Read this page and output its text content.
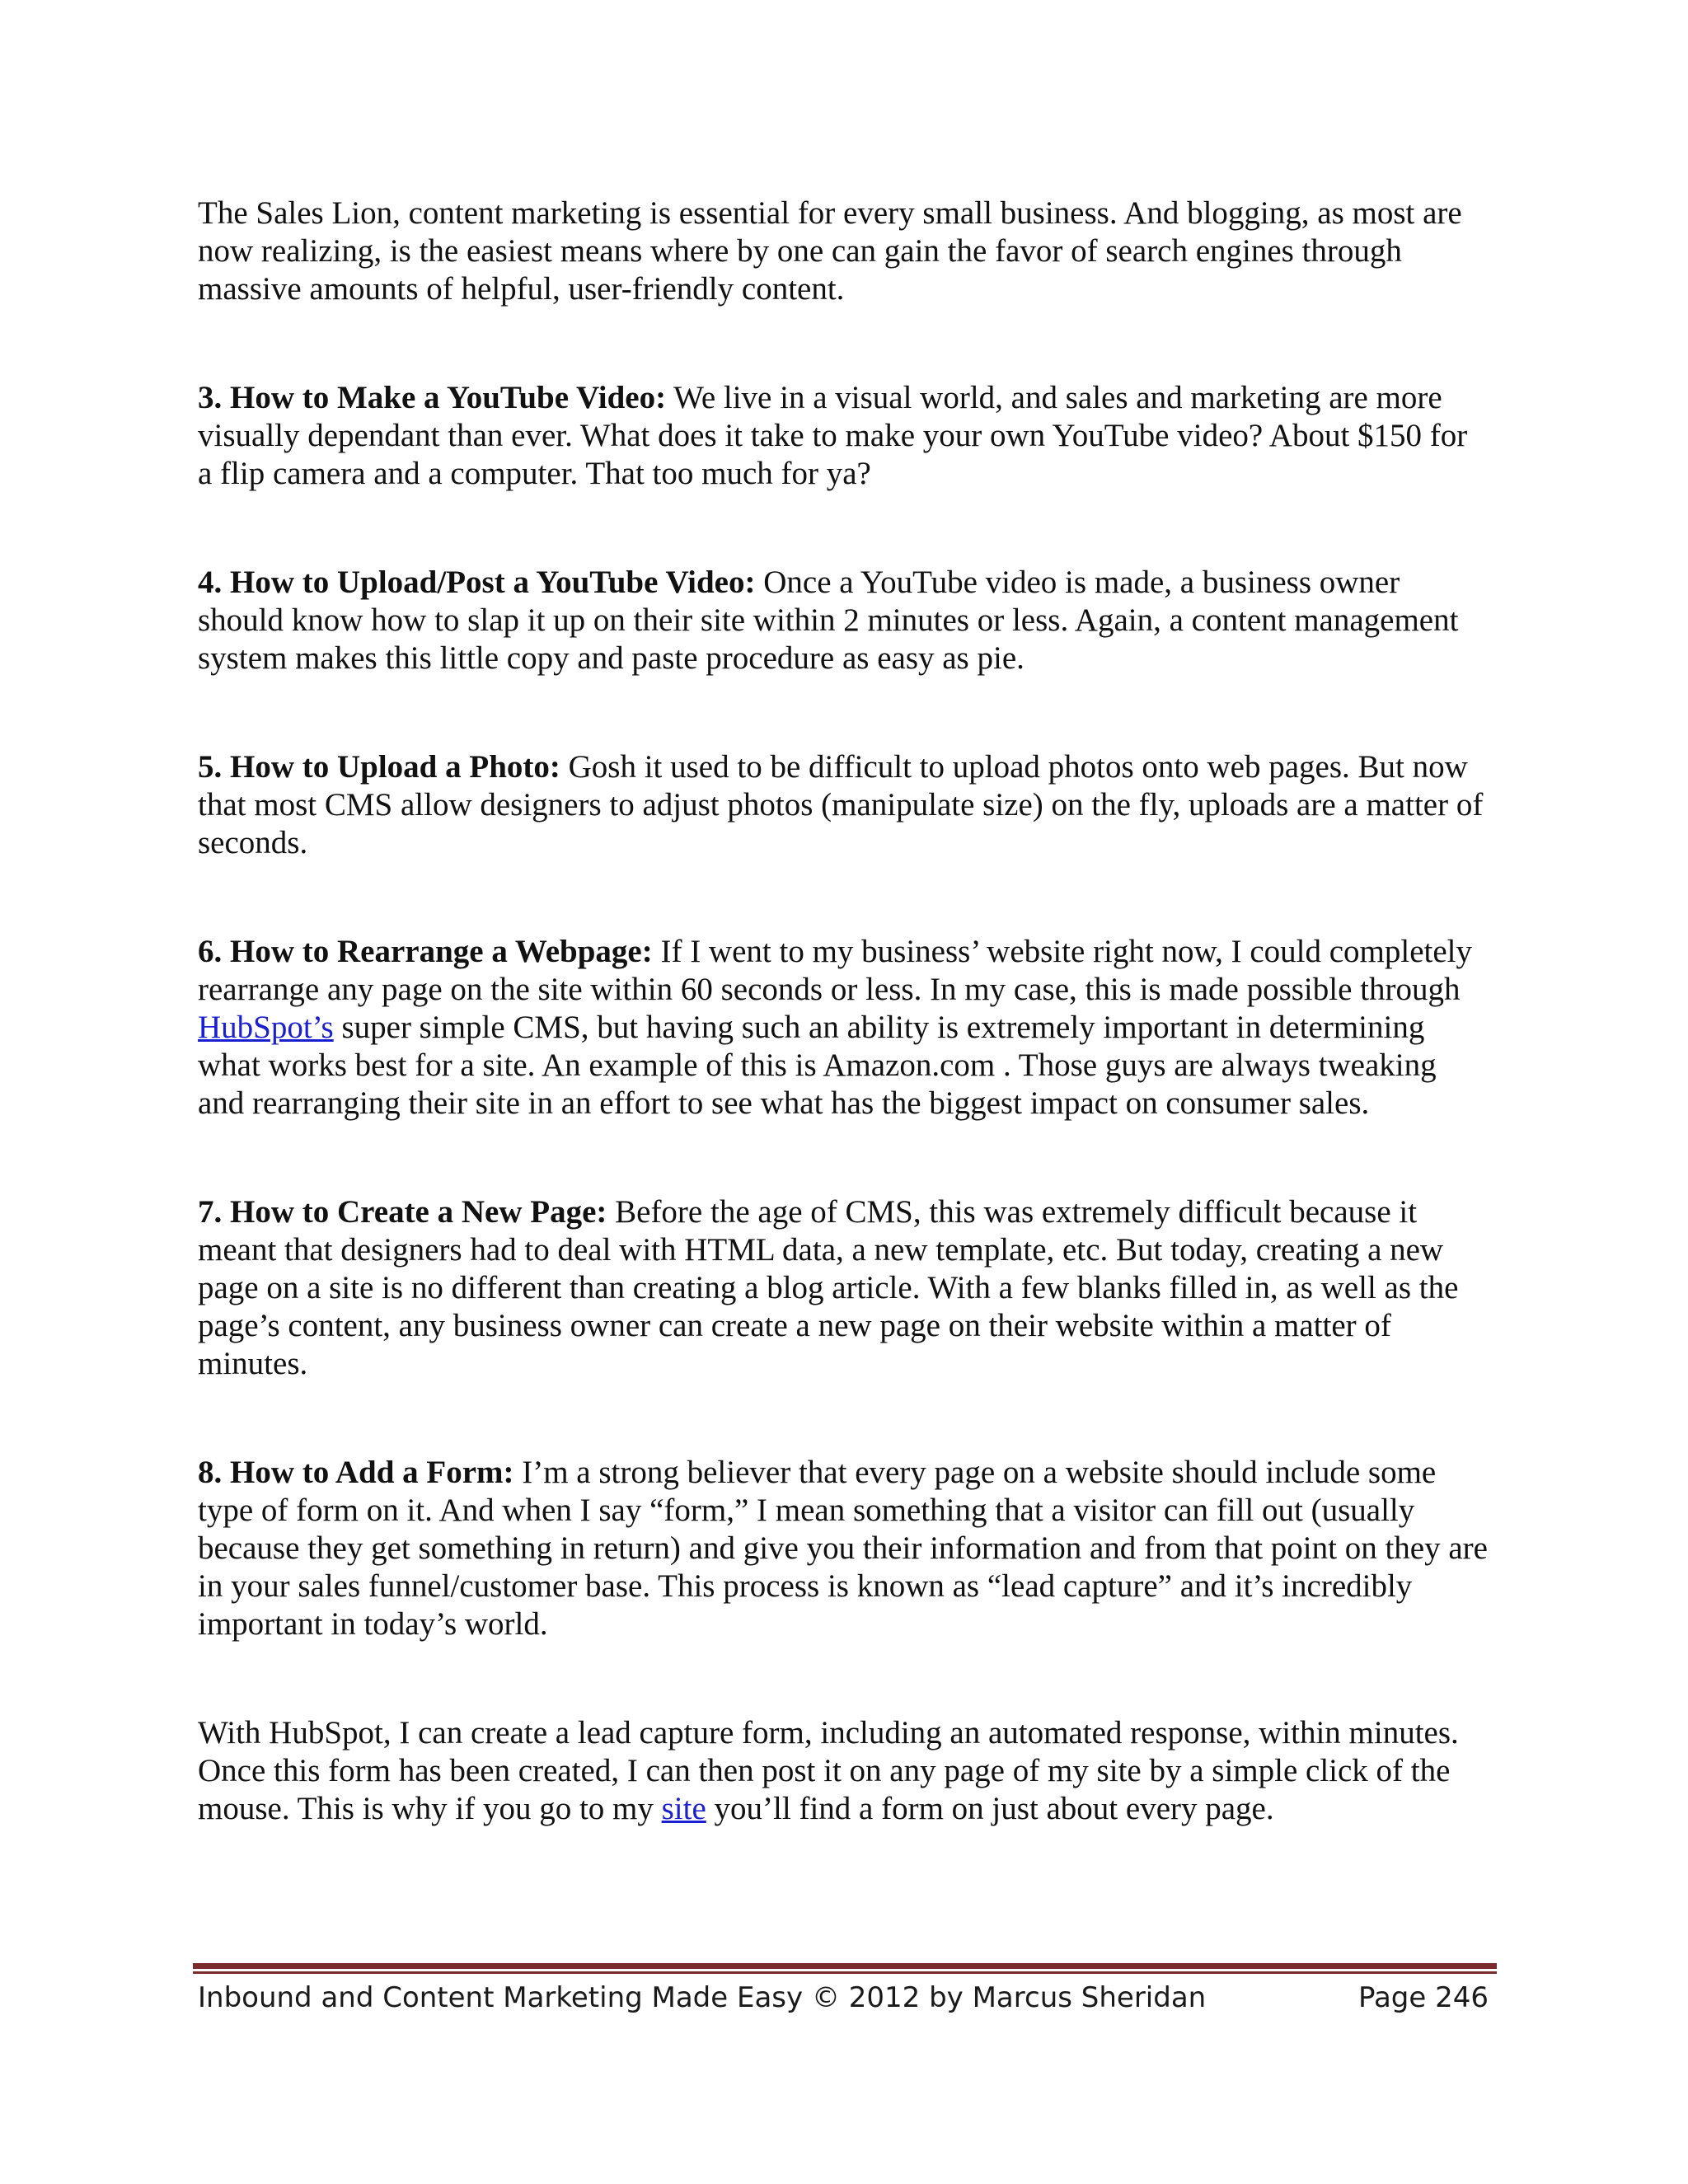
The Sales Lion, content marketing is essential for every small business. And blogging, as most are now realizing, is the easiest means where by one can gain the favor of search engines through massive amounts of helpful, user-friendly content.

3. How to Make a YouTube Video: We live in a visual world, and sales and marketing are more visually dependant than ever. What does it take to make your own YouTube video? About $150 for a flip camera and a computer. That too much for ya?

4. How to Upload/Post a YouTube Video: Once a YouTube video is made, a business owner should know how to slap it up on their site within 2 minutes or less. Again, a content management system makes this little copy and paste procedure as easy as pie.

5. How to Upload a Photo: Gosh it used to be difficult to upload photos onto web pages. But now that most CMS allow designers to adjust photos (manipulate size) on the fly, uploads are a matter of seconds.

6. How to Rearrange a Webpage: If I went to my business’ website right now, I could completely rearrange any page on the site within 60 seconds or less. In my case, this is made possible through HubSpot’s super simple CMS, but having such an ability is extremely important in determining what works best for a site. An example of this is Amazon.com . Those guys are always tweaking and rearranging their site in an effort to see what has the biggest impact on consumer sales.

7. How to Create a New Page: Before the age of CMS, this was extremely difficult because it meant that designers had to deal with HTML data, a new template, etc. But today, creating a new page on a site is no different than creating a blog article. With a few blanks filled in, as well as the page’s content, any business owner can create a new page on their website within a matter of minutes.

8. How to Add a Form: I’m a strong believer that every page on a website should include some type of form on it. And when I say “form,” I mean something that a visitor can fill out (usually because they get something in return) and give you their information and from that point on they are in your sales funnel/customer base. This process is known as “lead capture” and it’s incredibly important in today’s world.

With HubSpot, I can create a lead capture form, including an automated response, within minutes. Once this form has been created, I can then post it on any page of my site by a simple click of the mouse. This is why if you go to my site you’ll find a form on just about every page.

Inbound and Content Marketing Made Easy © 2012 by Marcus Sheridan	Page 246
